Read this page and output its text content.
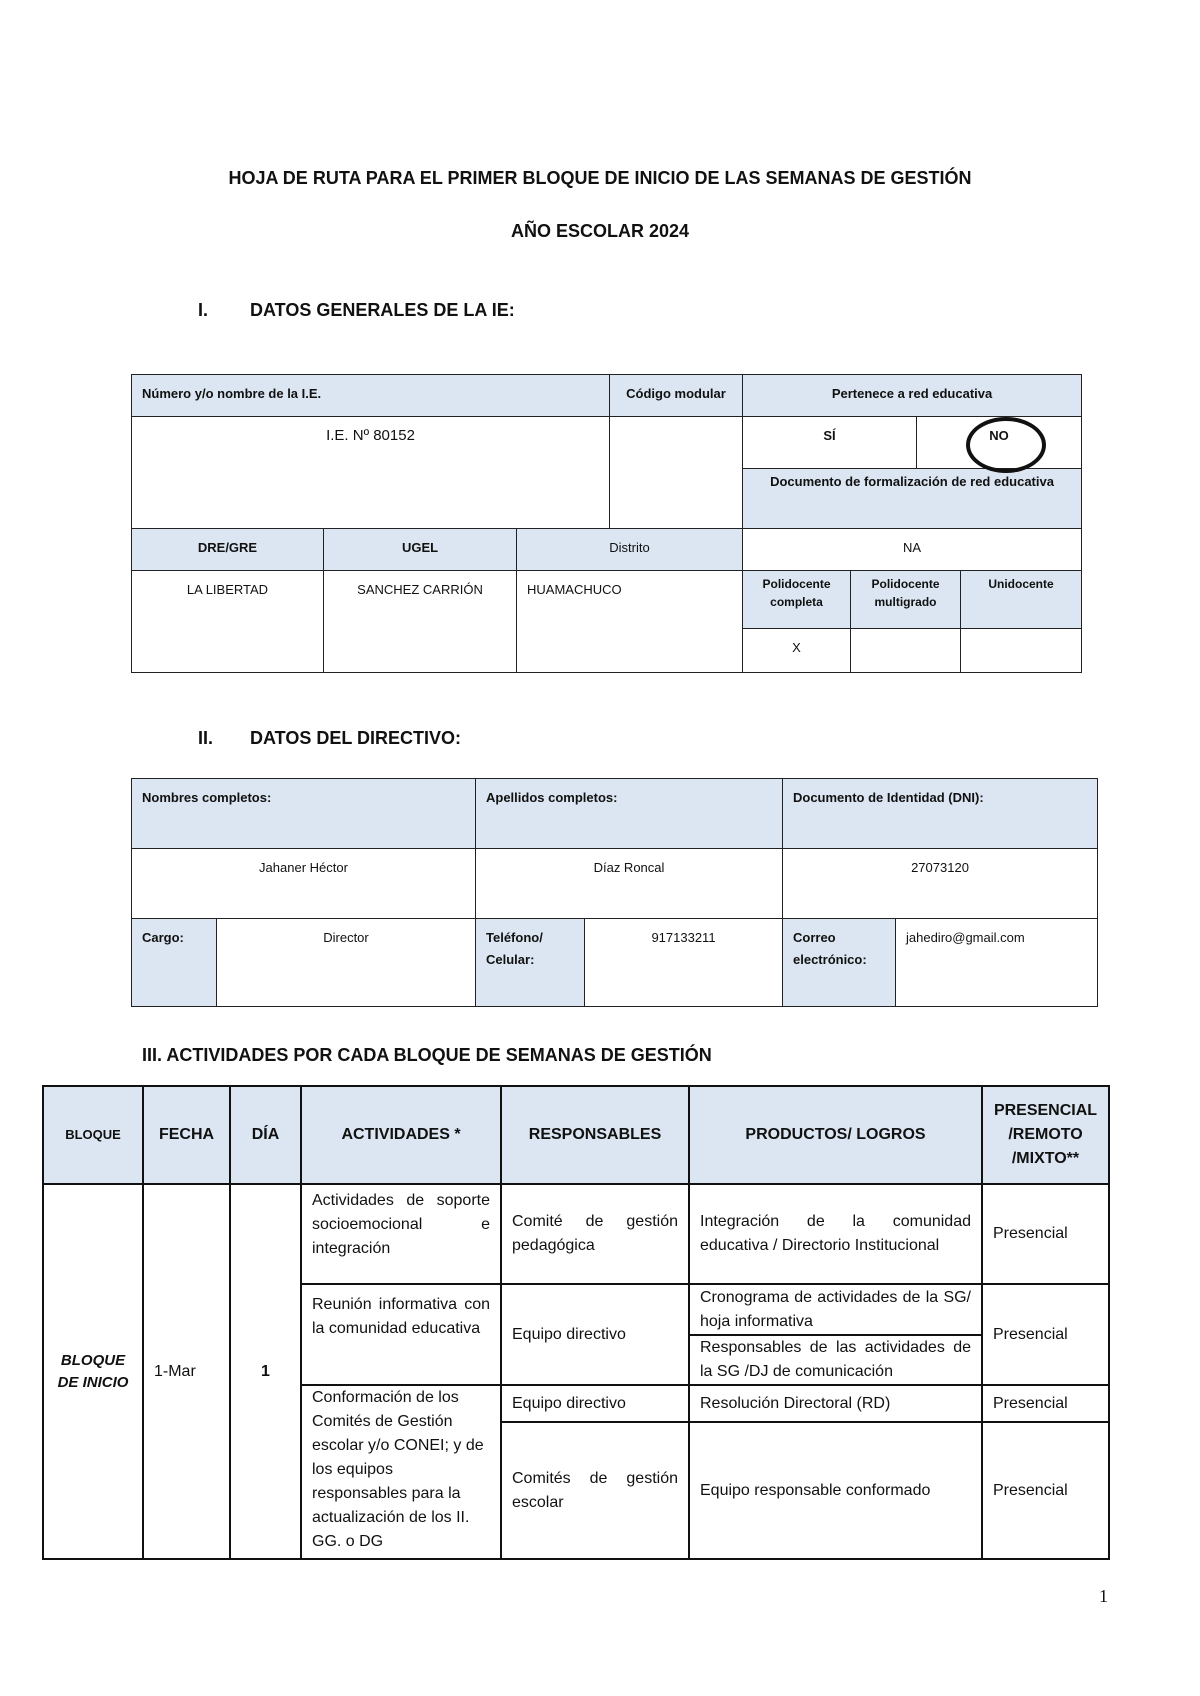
HOJA DE RUTA PARA EL PRIMER BLOQUE DE INICIO DE LAS SEMANAS DE GESTIÓN
AÑO ESCOLAR 2024
I. DATOS GENERALES DE LA IE:
Número y/o nombre de la I.E.			Código modular	Pertenece a red educativa			

I.E. Nº 80152				SÍ		NO	

				Documento de formalización de red educativa			

DRE/GRE	UGEL	Distrito		NA			

LA LIBERTAD	SANCHEZ CARRIÓN	HUAMACHUCO		Polidocente completa	Polidocente multigrado		Unidocente

				X			

II. DATOS DEL DIRECTIVO:
Nombres completos:		Apellidos completos:		Documento de Identidad (DNI):	

Jahaner Héctor		Díaz Roncal		27073120	

Cargo:	Director	Teléfono/ Celular:	917133211	Correo electrónico:	jahediro@gmail.com
III. ACTIVIDADES POR CADA BLOQUE DE SEMANAS DE GESTIÓN
BLOQUE	FECHA	DÍA	ACTIVIDADES *	RESPONSABLES	PRODUCTOS/ LOGROS	PRESENCIAL /REMOTO /MIXTO**

BLOQUE DE INICIO	1-Mar	1	Actividades de soporte socioemocional e integración	Comité de gestión pedagógica	Integración de la comunidad educativa / Directorio Institucional	Presencial

			Reunión informativa con la comunidad educativa	Equipo directivo	Cronograma de actividades de la SG/ hoja informativa	Presencial

					Responsables de las actividades de la SG /DJ de comunicación	

			Conformación de los Comités de Gestión escolar y/o CONEI; y de los equipos responsables para la actualización de los II. GG. o DG	Equipo directivo	Resolución Directoral (RD)	Presencial

				Comités de gestión escolar	Equipo responsable conformado	Presencial
1
